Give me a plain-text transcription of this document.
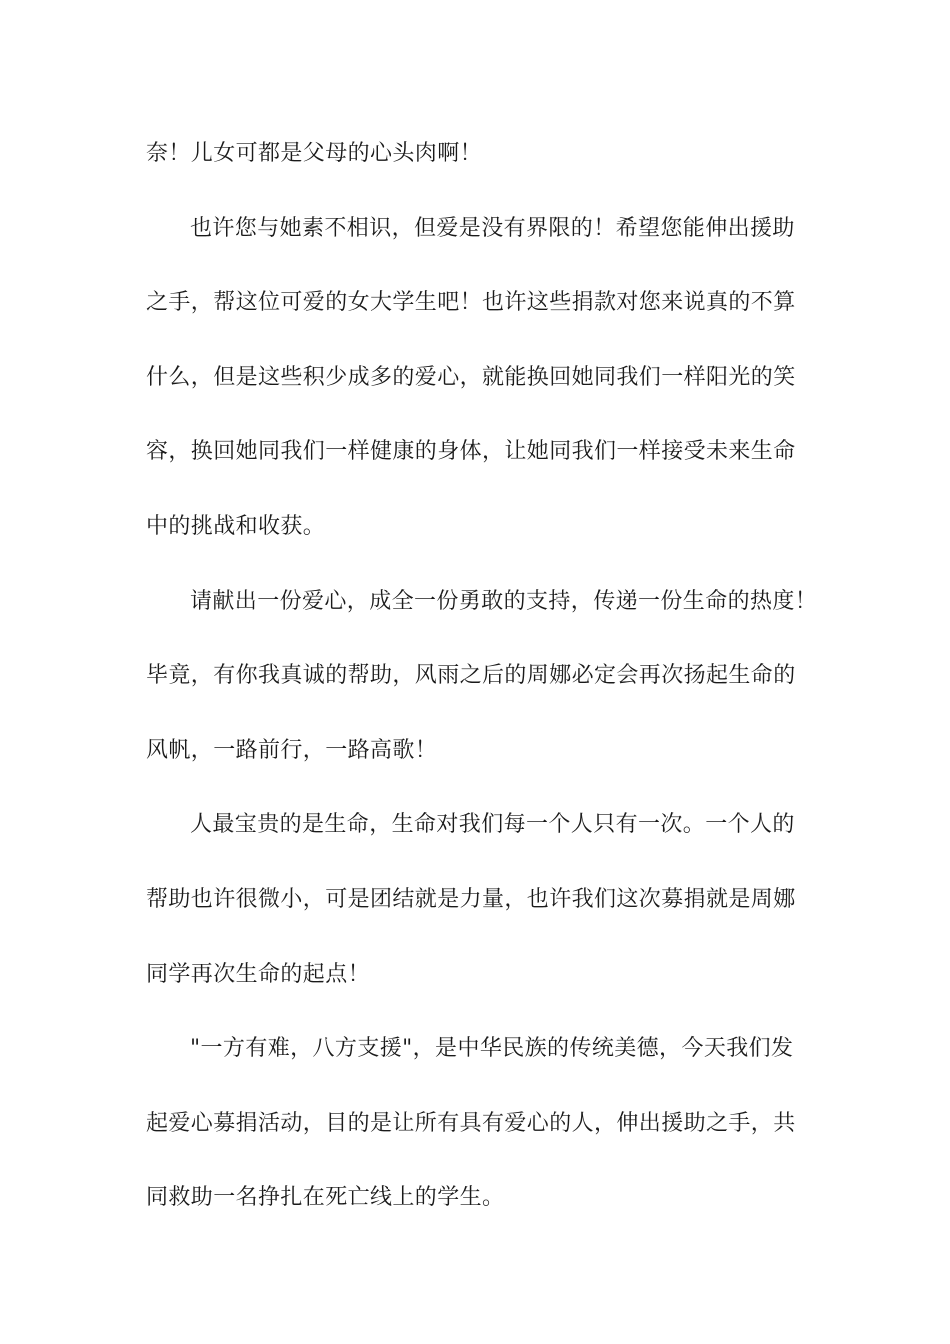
奈！儿女可都是父母的心头肉啊！
也许您与她素不相识，但爱是没有界限的！希望您能伸出援助
之手，帮这位可爱的女大学生吧！也许这些捐款对您来说真的不算
什么，但是这些积少成多的爱心，就能换回她同我们一样阳光的笑
容，换回她同我们一样健康的身体，让她同我们一样接受未来生命
中的挑战和收获。
请献出一份爱心，成全一份勇敢的支持，传递一份生命的热度！
毕竟，有你我真诚的帮助，风雨之后的周娜必定会再次扬起生命的
风帆，一路前行，一路高歌！
人最宝贵的是生命，生命对我们每一个人只有一次。一个人的
帮助也许很微小，可是团结就是力量，也许我们这次募捐就是周娜
同学再次生命的起点！
"一方有难，八方支援"，是中华民族的传统美德，今天我们发
起爱心募捐活动，目的是让所有具有爱心的人，伸出援助之手，共
同救助一名挣扎在死亡线上的学生。
